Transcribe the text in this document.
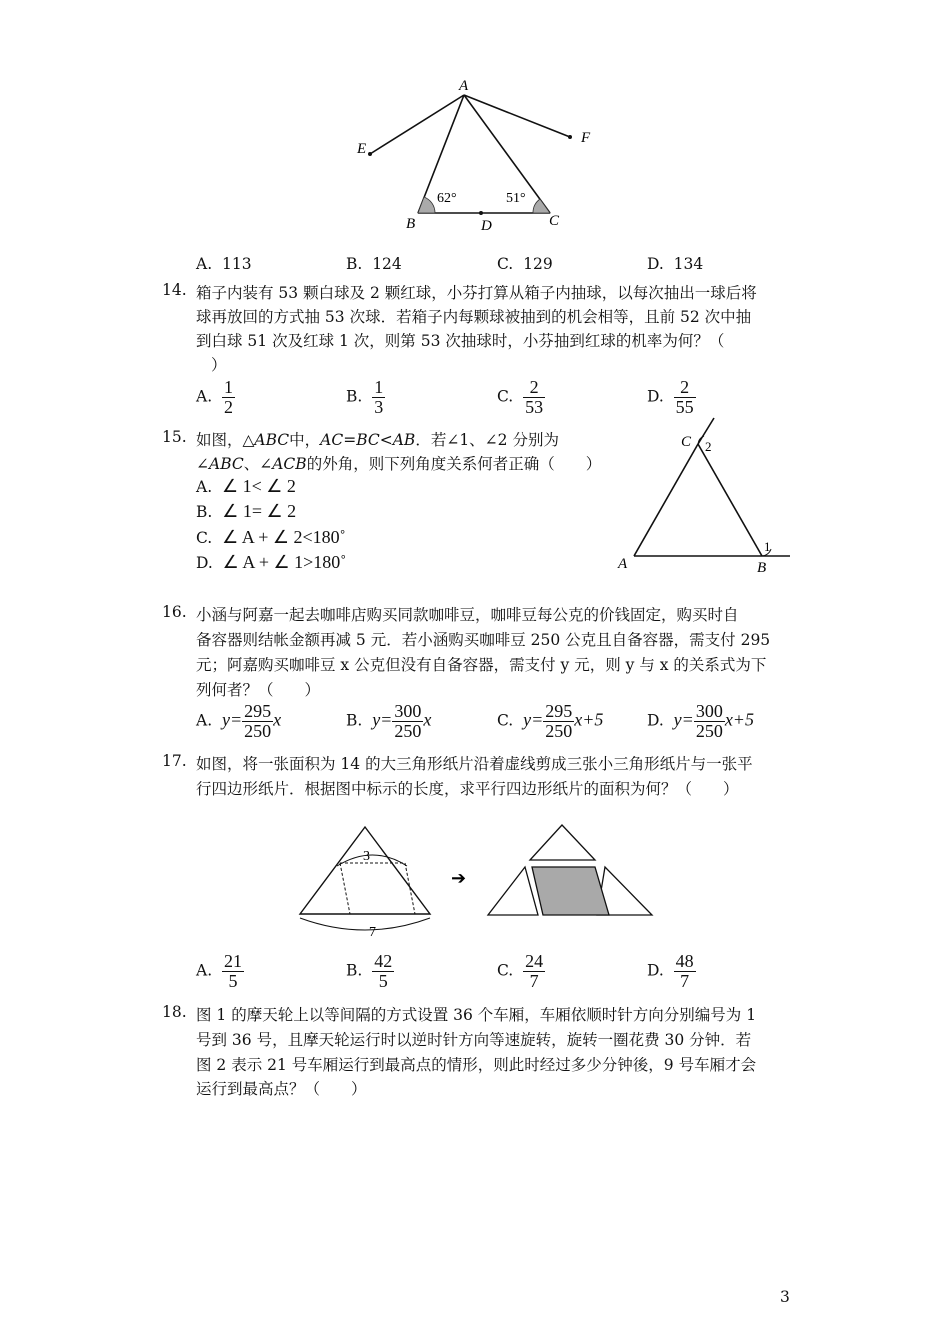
A
B	C
D
E
F
62°	51°
A. 113	B. 124	C. 129	D. 134
14. 箱子内装有 53 颗白球及 2 颗红球，小芬打算从箱子内抽球，以每次抽出一球后将
球再放回的方式抽 53 次球．若箱子内每颗球被抽到的机会相等，且前 52 次中抽
到白球 51 次及红球 1 次，则第 53 次抽球时，小芬抽到红球的机率为何？（
）
A. $\frac{1}{2}$	B. $\frac{1}{3}$	C. $\frac{2}{53}$	D. $\frac{2}{55}$
15. 如图，△ABC中，AC=BC<AB．若∠1、∠2 分别为
∠ABC、∠ACB的外角，则下列角度关系何者正确（　　）
A. ∠ 1< ∠ 2
B. ∠ 1= ∠ 2
C. ∠ A + ∠ 2<180˚
D. ∠ A + ∠ 1>180˚	A	B
C
1
2
16. 小涵与阿嘉一起去咖啡店购买同款咖啡豆，咖啡豆每公克的价钱固定，购买时自
备容器则结帐金额再减 5 元．若小涵购买咖啡豆 250 公克且自备容器，需支付 295
元；阿嘉购买咖啡豆 x 公克但没有自备容器，需支付 y 元，则 y 与 x 的关系式为下
列何者？（　　）
A. $y= \frac{295}{250}$ x	B. $y= \frac{300}{250}$ x	C. $y= \frac{295}{250} x+5$	D. $y= \frac{300}{250} x+5$
17. 如图，将一张面积为 14 的大三角形纸片沿着虚线剪成三张小三角形纸片与一张平
行四边形纸片．根据图中标示的长度，求平行四边形纸片的面积为何？（　　）
3
7
➔
A. $\frac{21}{5}$	B. $\frac{42}{5}$	C. $\frac{24}{7}$	D. $\frac{48}{7}$
18. 图 1 的摩天轮上以等间隔的方式设置 36 个车厢，车厢依顺时针方向分别编号为 1
号到 36 号，且摩天轮运行时以逆时针方向等速旋转，旋转一圈花费 30 分钟．若
图 2 表示 21 号车厢运行到最高点的情形，则此时经过多少分钟後，9 号车厢才会
运行到最高点？（　　）
3
